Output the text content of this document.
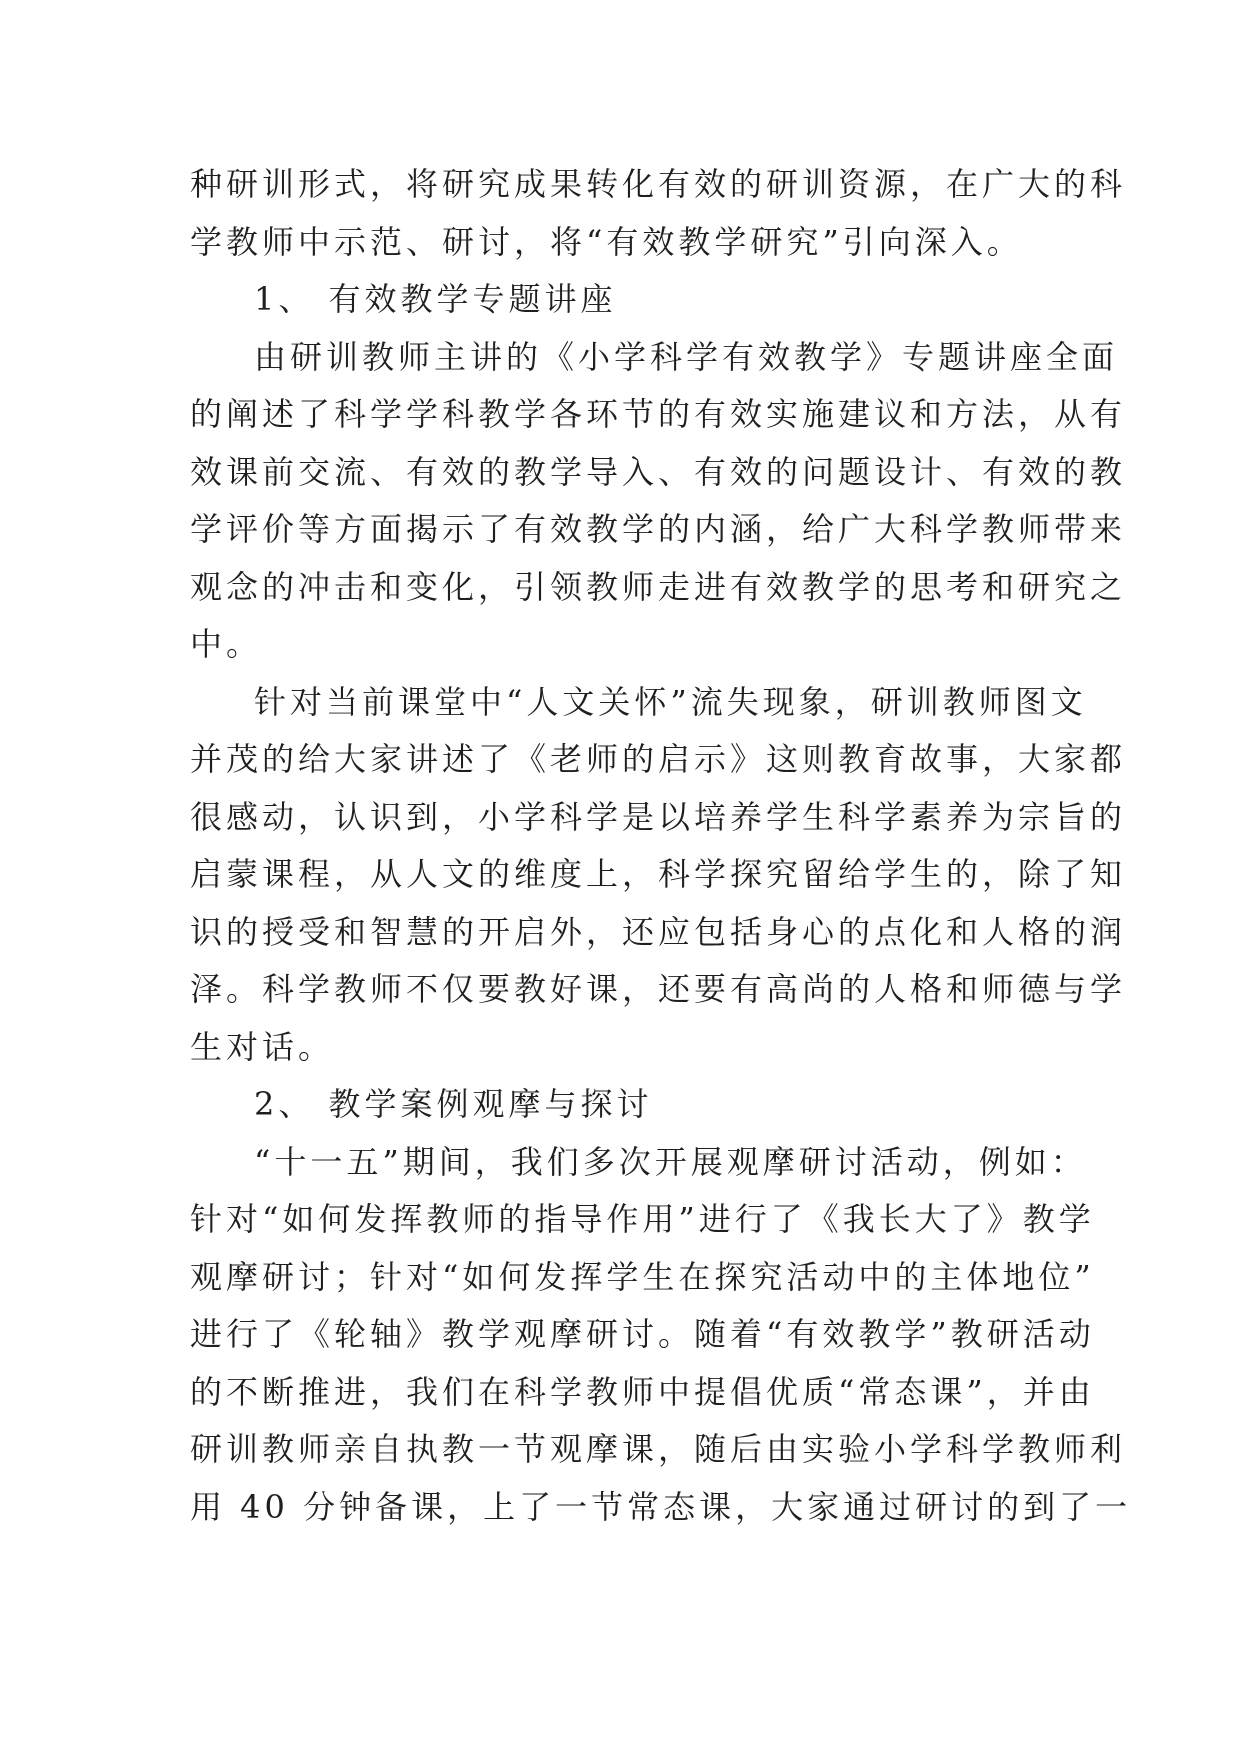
种研训形式，将研究成果转化有效的研训资源，在广大的科
学教师中示范、研讨，将“有效教学研究”引向深入。
1、 有效教学专题讲座
由研训教师主讲的《小学科学有效教学》专题讲座全面
的阐述了科学学科教学各环节的有效实施建议和方法，从有
效课前交流、有效的教学导入、有效的问题设计、有效的教
学评价等方面揭示了有效教学的内涵，给广大科学教师带来
观念的冲击和变化，引领教师走进有效教学的思考和研究之
中。
针对当前课堂中“人文关怀”流失现象，研训教师图文
并茂的给大家讲述了《老师的启示》这则教育故事，大家都
很感动，认识到，小学科学是以培养学生科学素养为宗旨的
启蒙课程，从人文的维度上，科学探究留给学生的，除了知
识的授受和智慧的开启外，还应包括身心的点化和人格的润
泽。科学教师不仅要教好课，还要有高尚的人格和师德与学
生对话。
2、 教学案例观摩与探讨
“十一五”期间，我们多次开展观摩研讨活动，例如：
针对“如何发挥教师的指导作用”进行了《我长大了》教学
观摩研讨；针对“如何发挥学生在探究活动中的主体地位”
进行了《轮轴》教学观摩研讨。随着“有效教学”教研活动
的不断推进，我们在科学教师中提倡优质“常态课”，并由
研训教师亲自执教一节观摩课，随后由实验小学科学教师利
用 40 分钟备课，上了一节常态课，大家通过研讨的到了一
